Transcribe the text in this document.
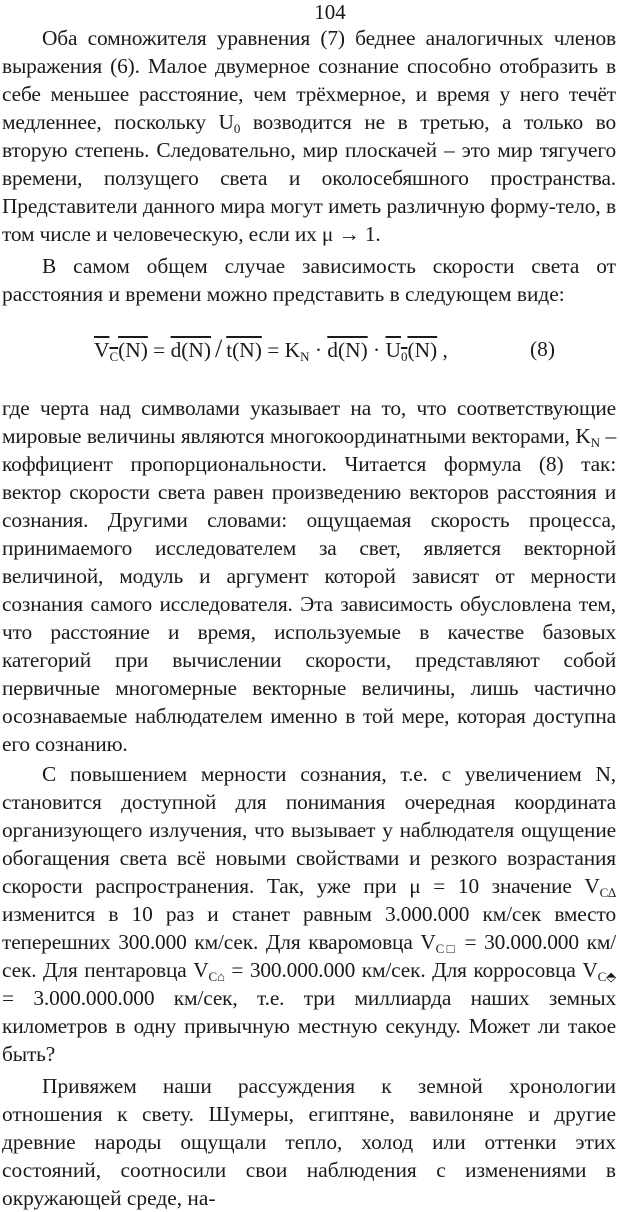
104

Оба сомножителя уравнения (7) беднее аналогичных членов выражения (6). Малое двумерное сознание способно отобразить в себе меньшее расстояние, чем трёхмерное, и время у него течёт медленнее, поскольку $U_0$ возводится не в третью, а только во вторую степень. Следовательно, мир плоскачей – это мир тягучего времени, ползущего света и околосебяшного пространства. Представители данного мира могут иметь различную форму-тело, в том числе и человеческую, если их μ → 1.

В самом общем случае зависимость скорости света от расстояния и времени можно представить в следующем виде:

$V_C(N) = d(N) / t(N) = K_N \cdot d(N) \cdot U_0(N)$ ,	(8)

где черта над символами указывает на то, что соответствующие мировые величины являются многокоординатными векторами, $K_N$ – коффициент пропорциональности. Читается формула (8) так: вектор скорости света равен произведению векторов расстояния и сознания. Другими словами: ощущаемая скорость процесса, принимаемого исследователем за свет, является векторной величиной, модуль и аргумент которой зависят от мерности сознания самого исследователя. Эта зависимость обусловлена тем, что расстояние и время, используемые в качестве базовых категорий при вычислении скорости, представляют собой первичные многомерные векторные величины, лишь частично осознаваемые наблюдателем именно в той мере, которая доступна его сознанию.

С повышением мерности сознания, т.е. с увеличением N, становится доступной для понимания очередная координата организующего излучения, что вызывает у наблюдателя ощущение обогащения света всё новыми свойствами и резкого возрастания скорости распространения. Так, уже при μ = 10 значение $V_{C\Delta}$ изменится в 10 раз и станет равным 3.000.000 км/сек вместо теперешних 300.000 км/сек. Для кваромовца $V_{C□} = 30.000.000$ км/сек. Для пентаровца $V_{C⌂} = 300.000.000$ км/сек. Для корросовца $V_{C⬘} = 3.000.000.000$ км/сек, т.е. три миллиарда наших земных километров в одну привычную местную секунду. Может ли такое быть?

Привяжем наши рассуждения к земной хронологии отношения к свету. Шумеры, египтяне, вавилоняне и другие древние народы ощущали тепло, холод или оттенки этих состояний, соотносили свои наблюдения с изменениями в окружающей среде, на-
